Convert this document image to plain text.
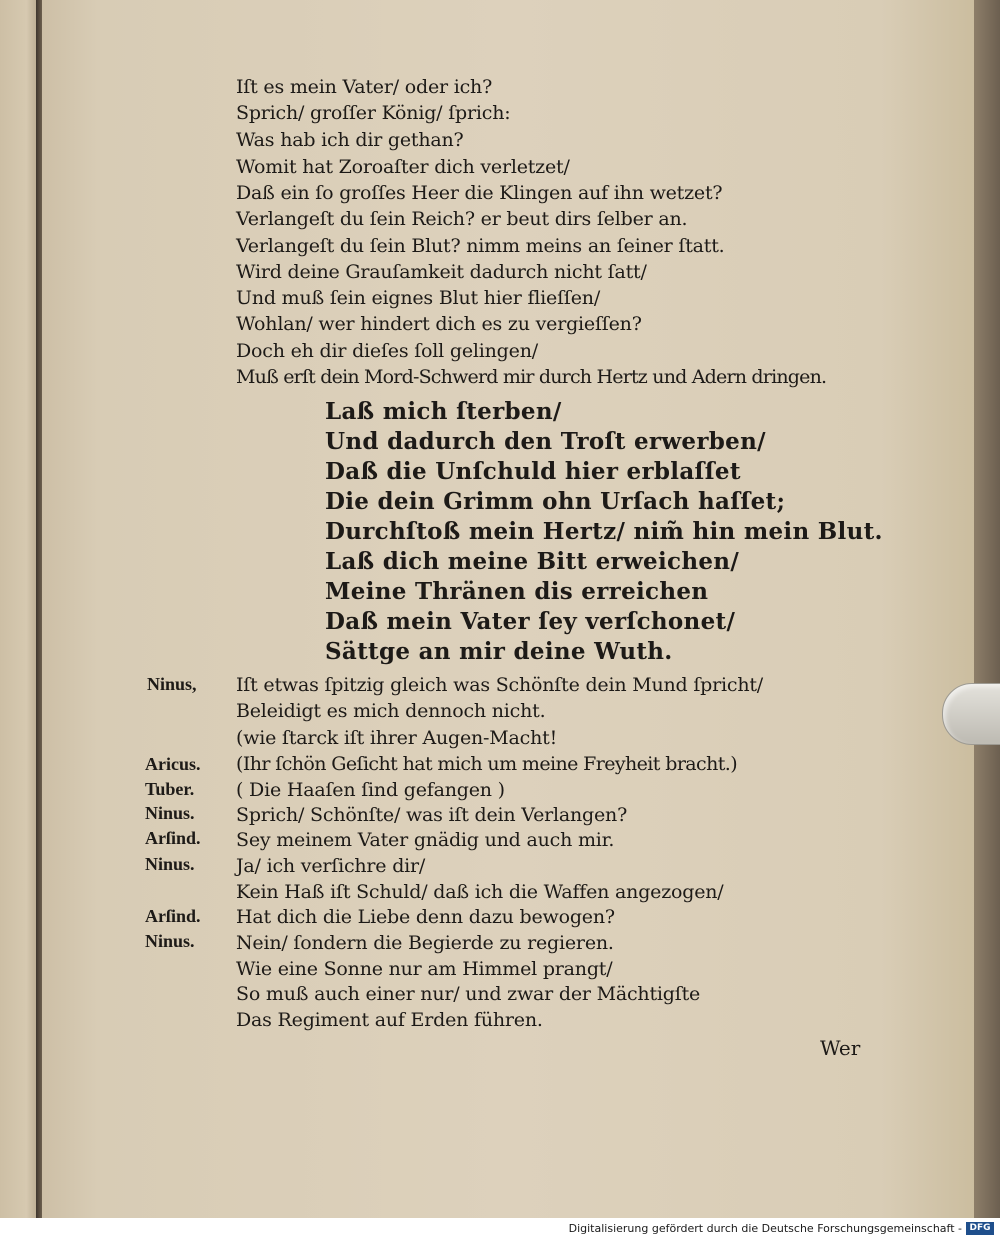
Iſt es mein Vater/ oder ich?
Sprich/ groſſer König/ ſprich:
Was hab ich dir gethan?
Womit hat Zoroaſter dich verletzet/
Daß ein ſo groſſes Heer die Klingen auf ihn wetzet?
Verlangeſt du ſein Reich? er beut dirs ſelber an.
Verlangeſt du ſein Blut? nimm meins an ſeiner ſtatt.
Wird deine Grauſamkeit dadurch nicht ſatt/
Und muß ſein eignes Blut hier flieſſen/
Wohlan/ wer hindert dich es zu vergieſſen?
Doch eh dir dieſes ſoll gelingen/
Muß erſt dein Mord-Schwerd mir durch Hertz und Adern dringen.
Laß mich ſterben/
Und dadurch den Troſt erwerben/
Daß die Unſchuld hier erblaſſet
Die dein Grimm ohn Urſach haſſet;
Durchſtoß mein Hertz/ nim̃ hin mein Blut.
Laß dich meine Bitt erweichen/
Meine Thränen dis erreichen
Daß mein Vater ſey verſchonet/
Sättge an mir deine Wuth.
Ninus,
Aricus.
Tuber.
Ninus.
Arſind.
Ninus.
Arſind.
Ninus.
Iſt etwas ſpitzig gleich was Schönſte dein Mund ſpricht/
Beleidigt es mich dennoch nicht.
(wie ſtarck iſt ihrer Augen-Macht!
(Ihr ſchön Geſicht hat mich um meine Freyheit bracht.)
( Die Haaſen ſind gefangen )
Sprich/ Schönſte/ was iſt dein Verlangen?
Sey meinem Vater gnädig und auch mir.
Ja/ ich verſichre dir/
Kein Haß iſt Schuld/ daß ich die Waffen angezogen/
Hat dich die Liebe denn dazu bewogen?
Nein/ ſondern die Begierde zu regieren.
Wie eine Sonne nur am Himmel prangt/
So muß auch einer nur/ und zwar der Mächtigſte
Das Regiment auf Erden führen.
Wer
Digitalisierung gefördert durch die Deutsche Forschungsgemeinschaft - DFG
